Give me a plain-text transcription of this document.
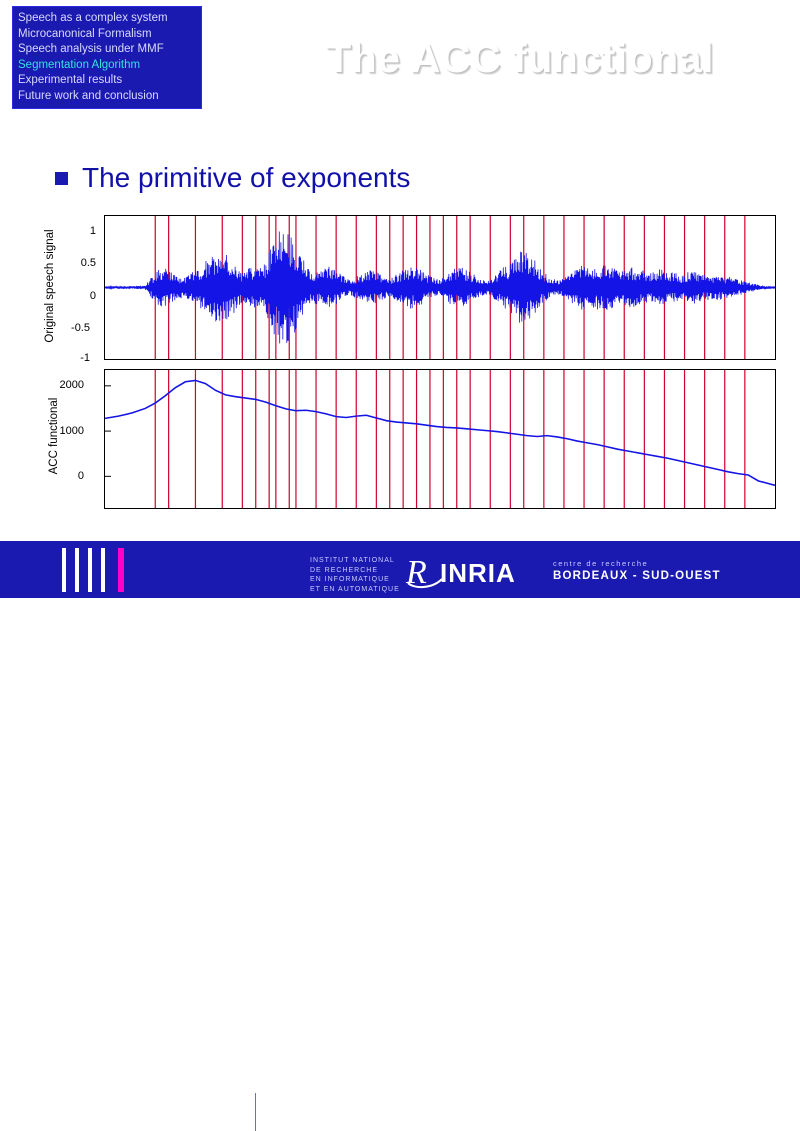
Speech as a complex system
Microcanonical Formalism
Speech analysis under MMF
Segmentation Algorithm
Experimental results
Future work and conclusion
The ACC functional
The primitive of exponents
Original speech signal
ACC functional
1
0.5
0
-0.5
-1
2000
1000
0
INSTITUT NATIONAL
DE RECHERCHE
EN INFORMATIQUE
ET EN AUTOMATIQUE R INRIA	centre de recherche
BORDEAUX - SUD-OUEST
